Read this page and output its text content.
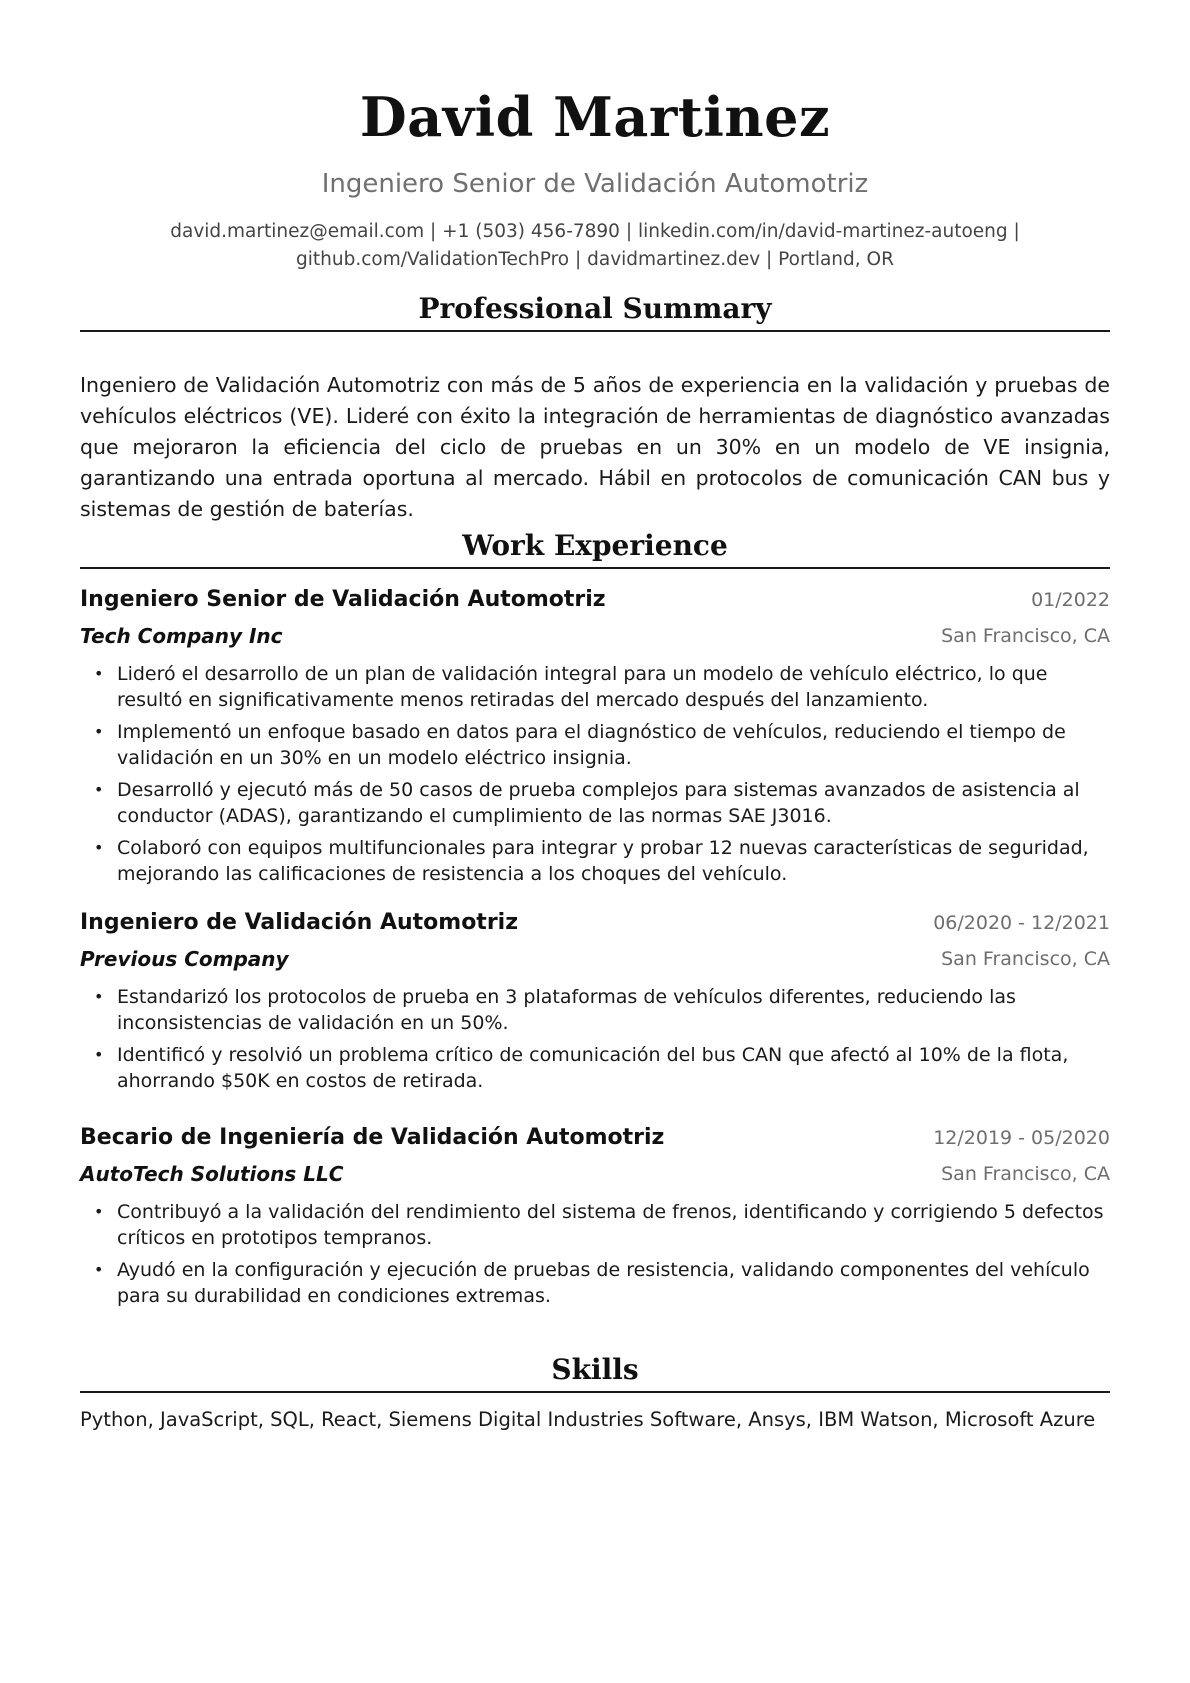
David Martinez
Ingeniero Senior de Validación Automotriz
david.martinez@email.com | +1 (503) 456-7890 | linkedin.com/in/david-martinez-autoeng |
github.com/ValidationTechPro | davidmartinez.dev | Portland, OR
Professional Summary
Ingeniero de Validación Automotriz con más de 5 años de experiencia en la validación y pruebas de vehículos eléctricos (VE). Lideré con éxito la integración de herramientas de diagnóstico avanzadas que mejoraron la eficiencia del ciclo de pruebas en un 30% en un modelo de VE insignia, garantizando una entrada oportuna al mercado. Hábil en protocolos de comunicación CAN bus y sistemas de gestión de baterías.
Work Experience
Ingeniero Senior de Validación Automotriz	01/2022
Tech Company Inc	San Francisco, CA
• Lideró el desarrollo de un plan de validación integral para un modelo de vehículo eléctrico, lo que resultó en significativamente menos retiradas del mercado después del lanzamiento.
• Implementó un enfoque basado en datos para el diagnóstico de vehículos, reduciendo el tiempo de validación en un 30% en un modelo eléctrico insignia.
• Desarrolló y ejecutó más de 50 casos de prueba complejos para sistemas avanzados de asistencia al conductor (ADAS), garantizando el cumplimiento de las normas SAE J3016.
• Colaboró con equipos multifuncionales para integrar y probar 12 nuevas características de seguridad, mejorando las calificaciones de resistencia a los choques del vehículo.
Ingeniero de Validación Automotriz	06/2020 - 12/2021
Previous Company	San Francisco, CA
• Estandarizó los protocolos de prueba en 3 plataformas de vehículos diferentes, reduciendo las inconsistencias de validación en un 50%.
• Identificó y resolvió un problema crítico de comunicación del bus CAN que afectó al 10% de la flota, ahorrando $50K en costos de retirada.
Becario de Ingeniería de Validación Automotriz	12/2019 - 05/2020
AutoTech Solutions LLC	San Francisco, CA
• Contribuyó a la validación del rendimiento del sistema de frenos, identificando y corrigiendo 5 defectos críticos en prototipos tempranos.
• Ayudó en la configuración y ejecución de pruebas de resistencia, validando componentes del vehículo para su durabilidad en condiciones extremas.
Skills
Python, JavaScript, SQL, React, Siemens Digital Industries Software, Ansys, IBM Watson, Microsoft Azure
